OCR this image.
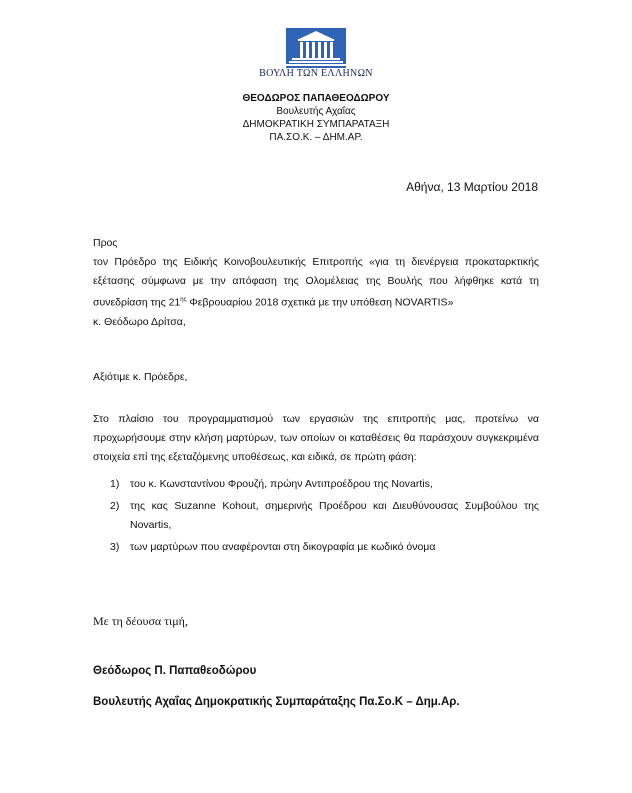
ΒΟΥΛΗ ΤΩΝ ΕΛΛΗΝΩΝ
ΘΕΟΔΩΡΟΣ ΠΑΠΑΘΕΟΔΩΡΟΥ
Βουλευτής Αχαΐας
ΔΗΜΟΚΡΑΤΙΚΗ ΣΥΜΠΑΡΑΤΑΞΗ
ΠΑ.ΣΟ.Κ. – ΔΗΜ.ΑΡ.
Αθήνα, 13 Μαρτίου 2018
Προς
τον Πρόεδρο της Ειδικής Κοινοβουλευτικής Επιτροπής «για τη διενέργεια προκαταρκτικής εξέτασης σύμφωνα με την απόφαση της Ολομέλειας της Βουλής που λήφθηκε κατά τη συνεδρίαση της $21^{\eta\varsigma}$ Φεβρουαρίου 2018 σχετικά με την υπόθεση NOVARTIS»
κ. Θεόδωρο Δρίτσα,
Αξιότιμε κ. Πρόεδρε,
Στο πλαίσιο του προγραμματισμού των εργασιών της επιτροπής μας, προτείνω να προχωρήσουμε στην κλήση μαρτύρων, των οποίων οι καταθέσεις θα παράσχουν συγκεκριμένα στοιχεία επί της εξεταζόμενης υποθέσεως, και ειδικά, σε πρώτη φάση:
1)	του κ. Κωνσταντίνου Φρουζή, πρώην Αντιπροέδρου της Novartis,
2)	της κας Suzanne Kohout, σημερινής Προέδρου και Διευθύνουσας Συμβούλου της Novartis,
3)	των μαρτύρων που αναφέρονται στη δικογραφία με κωδικό όνομα
Με τη δέουσα τιμή,
Θεόδωρος Π. Παπαθεοδώρου
Βουλευτής Αχαΐας Δημοκρατικής Συμπαράταξης Πα.Σο.Κ – Δημ.Αρ.
